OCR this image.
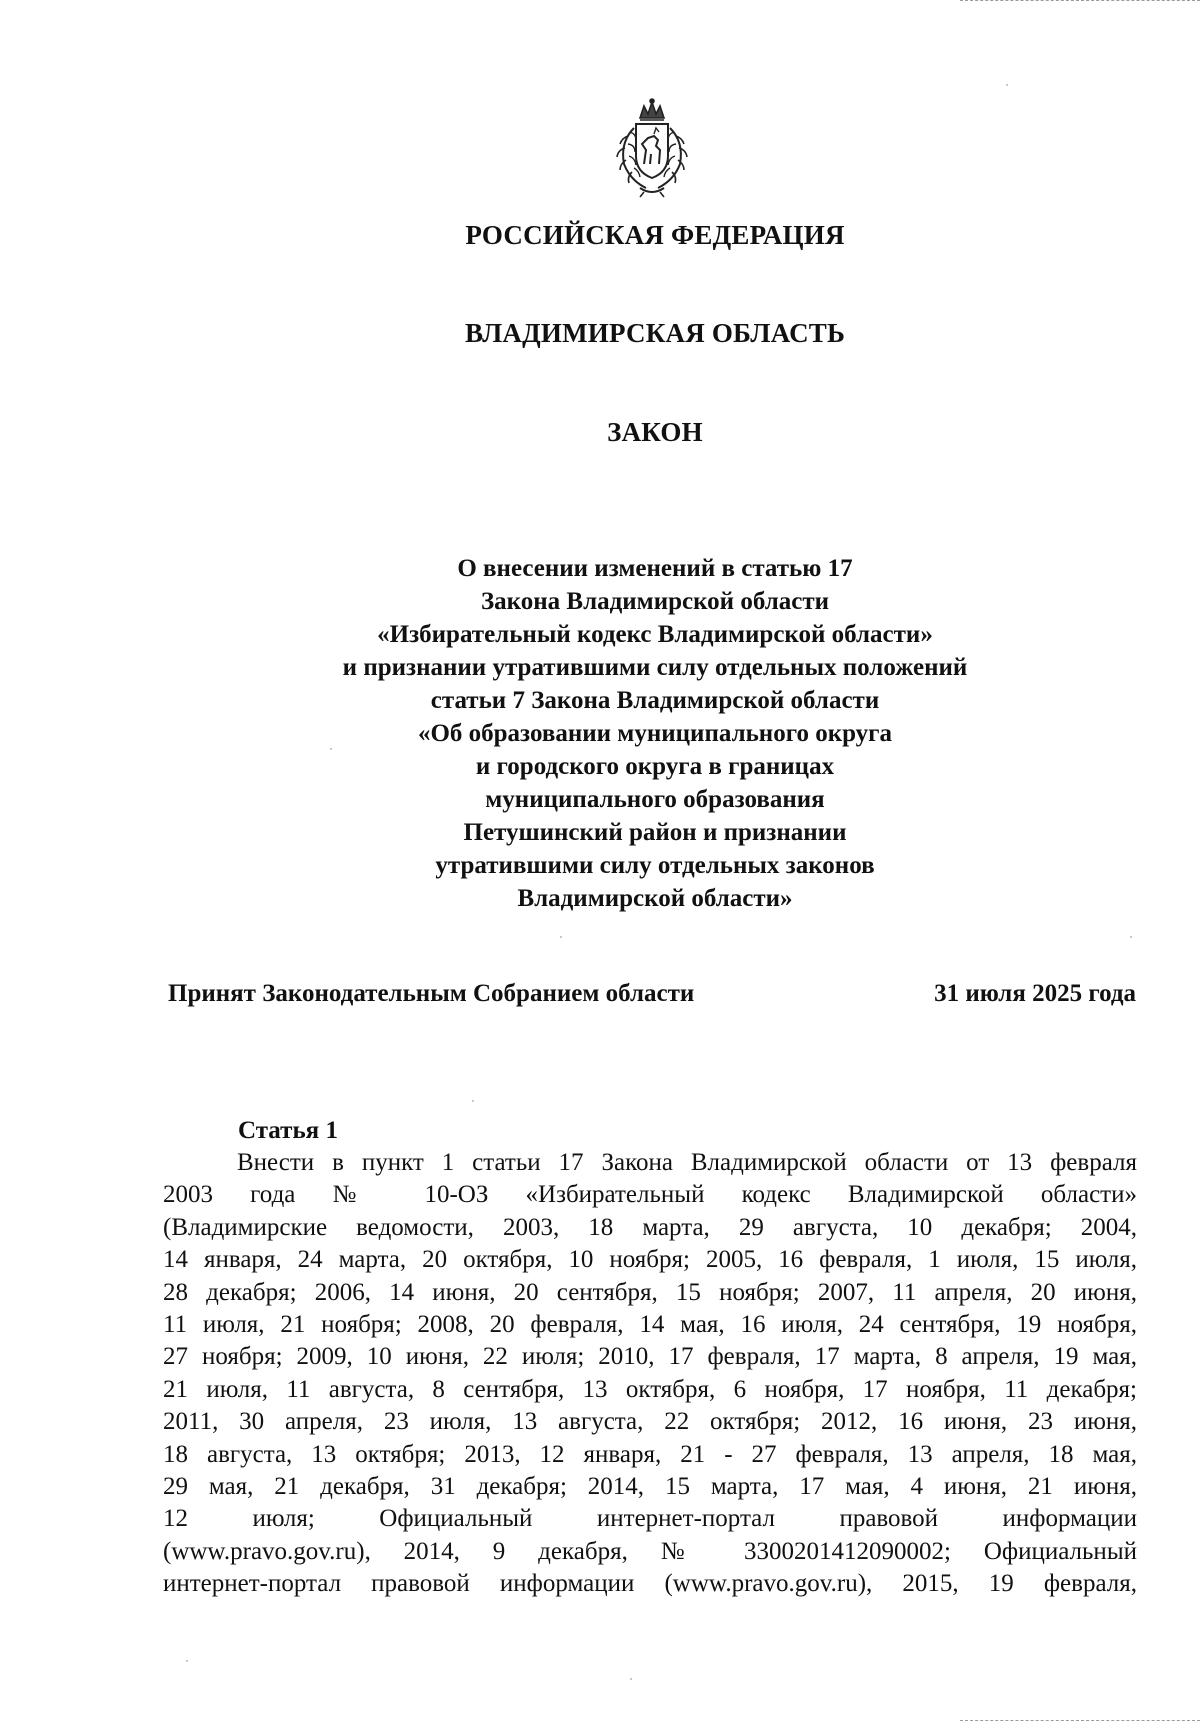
РОССИЙСКАЯ ФЕДЕРАЦИЯ
ВЛАДИМИРСКАЯ ОБЛАСТЬ
ЗАКОН
О внесении изменений в статью 17
Закона Владимирской области
«Избирательный кодекс Владимирской области»
и признании утратившими силу отдельных положений
статьи 7 Закона Владимирской области
«Об образовании муниципального округа
и городского округа в границах
муниципального образования
Петушинский район и признании
утратившими силу отдельных законов
Владимирской области»
Принят Законодательным Собранием области	31 июля 2025 года
Статья 1
Внести в пункт 1 статьи 17 Закона Владимирской области от 13 февраля
2003 года № 10-ОЗ «Избирательный кодекс Владимирской области»
(Владимирские ведомости, 2003, 18 марта, 29 августа, 10 декабря; 2004,
14 января, 24 марта, 20 октября, 10 ноября; 2005, 16 февраля, 1 июля, 15 июля,
28 декабря; 2006, 14 июня, 20 сентября, 15 ноября; 2007, 11 апреля, 20 июня,
11 июля, 21 ноября; 2008, 20 февраля, 14 мая, 16 июля, 24 сентября, 19 ноября,
27 ноября; 2009, 10 июня, 22 июля; 2010, 17 февраля, 17 марта, 8 апреля, 19 мая,
21 июля, 11 августа, 8 сентября, 13 октября, 6 ноября, 17 ноября, 11 декабря;
2011, 30 апреля, 23 июля, 13 августа, 22 октября; 2012, 16 июня, 23 июня,
18 августа, 13 октября; 2013, 12 января, 21 - 27 февраля, 13 апреля, 18 мая,
29 мая, 21 декабря, 31 декабря; 2014, 15 марта, 17 мая, 4 июня, 21 июня,
12 июля; Официальный интернет-портал правовой информации
(www.pravo.gov.ru), 2014, 9 декабря, № 3300201412090002; Официальный
интернет-портал правовой информации (www.pravo.gov.ru), 2015, 19 февраля,
